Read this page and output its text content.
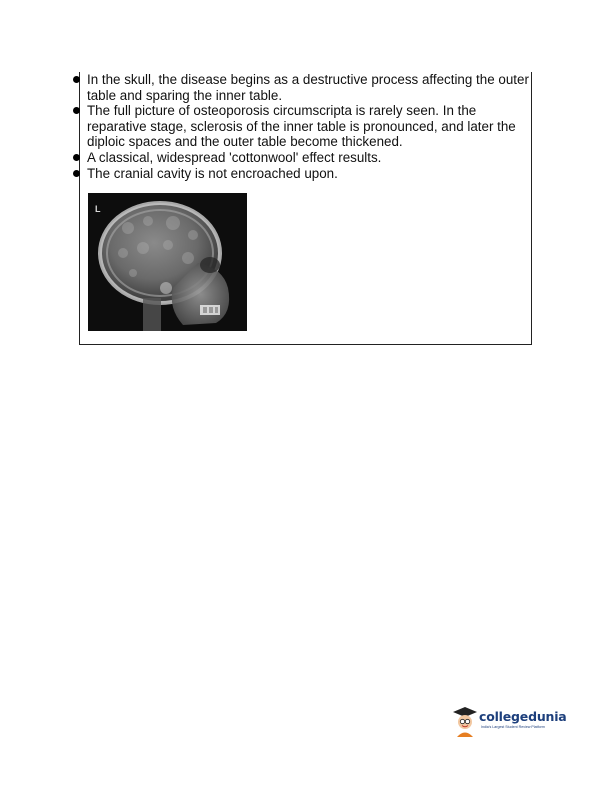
In the skull, the disease begins as a destructive process affecting the outer table and sparing the inner table.
The full picture of osteoporosis circumscripta is rarely seen. In the reparative stage, sclerosis of the inner table is pronounced, and later the diploic spaces and the outer table become thickened.
A classical, widespread 'cottonwool' effect results.
The cranial cavity is not encroached upon.
L
collegedunia
India's Largest Student Review Platform
